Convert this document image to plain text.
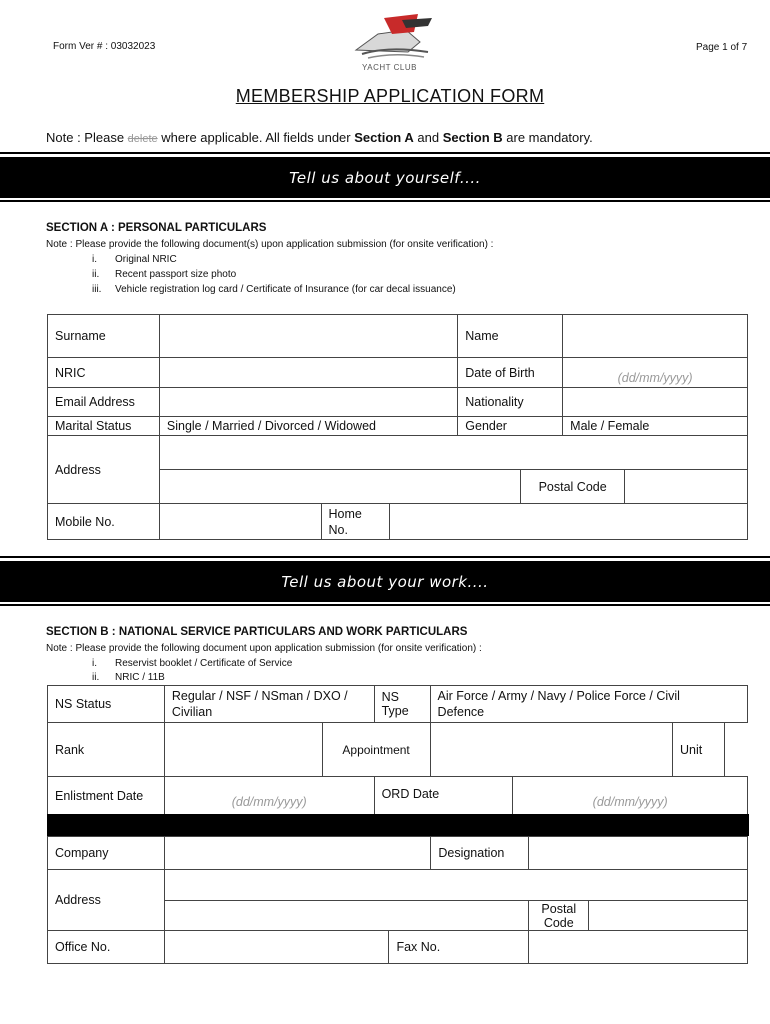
Form Ver # : 03032023	Page 1 of 7
YACHT CLUB
MEMBERSHIP APPLICATION FORM
Note : Please delete where applicable. All fields under Section A and Section B are mandatory.
Tell us about yourself....
SECTION A : PERSONAL PARTICULARS
Note : Please provide the following document(s) upon application submission (for onsite verification) :
i. Original NRIC
ii. Recent passport size photo
iii. Vehicle registration log card / Certificate of Insurance (for car decal issuance)
Surname				Name			
NRIC				Date of Birth		(dd/mm/yyyy)	
Email Address				Nationality			
Marital Status	Single / Married / Divorced / Widowed			Gender		Male / Female	
Address							
					Postal Code		
Mobile No.		Home
No.					
Tell us about your work....
SECTION B : NATIONAL SERVICE PARTICULARS AND WORK PARTICULARS
Note : Please provide the following document upon application submission (for onsite verification) :
i. Reservist booklet / Certificate of Service
ii. NRIC / 11B
NS Status	Regular / NSF / NSman / DXO /
Civilian		NS Type	Air Force / Army / Navy / Police Force / Civil
Defence			
Rank		Appointment				Unit	
Enlistment Date	(dd/mm/yyyy)		ORD Date		(dd/mm/yyyy)		
Company			Designation		
Address					
				Postal Code	
Office No.		Fax No.			
